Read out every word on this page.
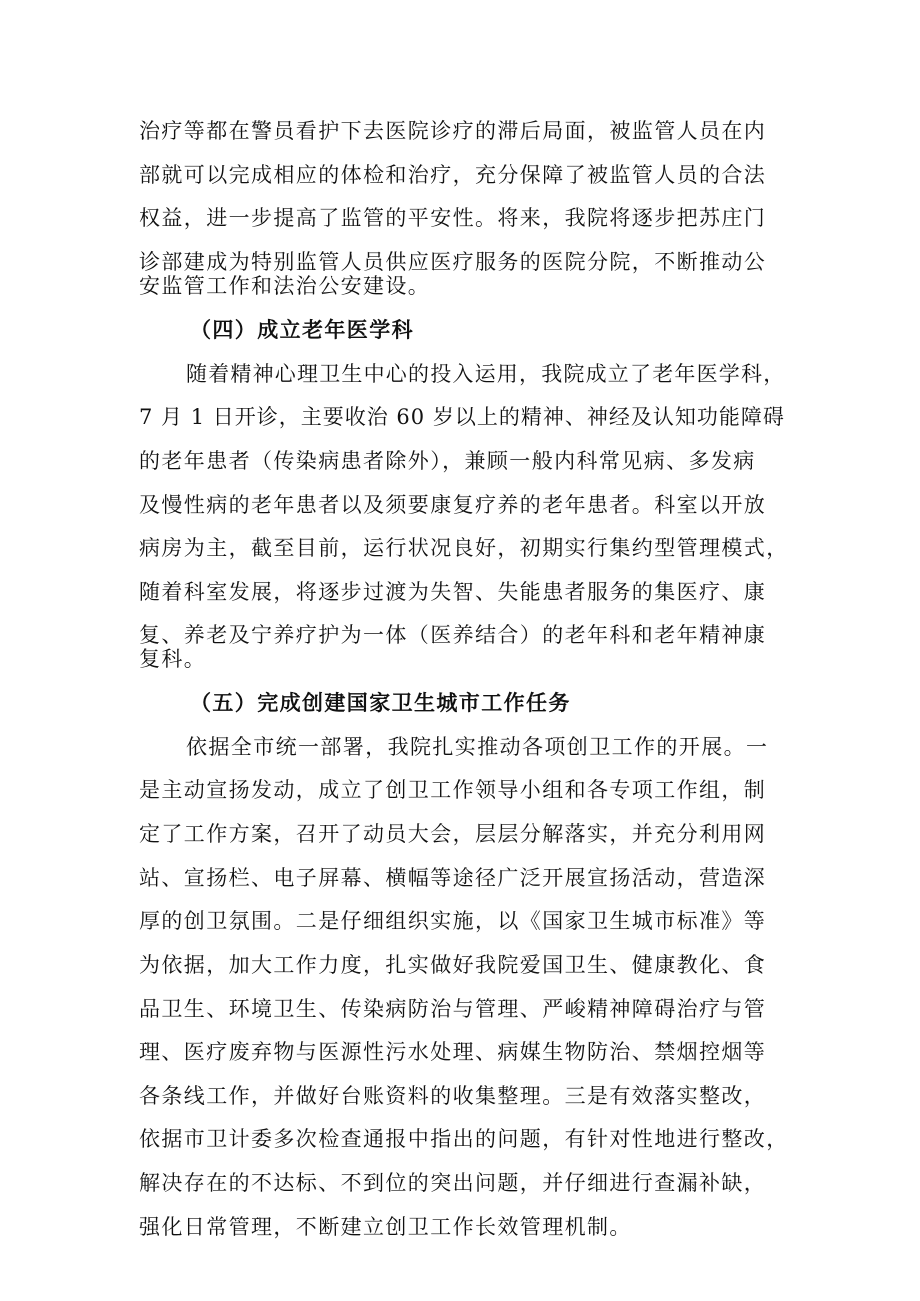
治疗等都在警员看护下去医院诊疗的滞后局面，被监管人员在内
部就可以完成相应的体检和治疗，充分保障了被监管人员的合法
权益，进一步提高了监管的平安性。将来，我院将逐步把苏庄门
诊部建成为特别监管人员供应医疗服务的医院分院，不断推动公
安监管工作和法治公安建设。
（四）成立老年医学科
随着精神心理卫生中心的投入运用，我院成立了老年医学科，
7 月 1 日开诊，主要收治 60 岁以上的精神、神经及认知功能障碍
的老年患者（传染病患者除外），兼顾一般内科常见病、多发病
及慢性病的老年患者以及须要康复疗养的老年患者。科室以开放
病房为主，截至目前，运行状况良好，初期实行集约型管理模式，
随着科室发展，将逐步过渡为失智、失能患者服务的集医疗、康
复、养老及宁养疗护为一体（医养结合）的老年科和老年精神康
复科。
（五）完成创建国家卫生城市工作任务
依据全市统一部署，我院扎实推动各项创卫工作的开展。一
是主动宣扬发动，成立了创卫工作领导小组和各专项工作组，制
定了工作方案，召开了动员大会，层层分解落实，并充分利用网
站、宣扬栏、电子屏幕、横幅等途径广泛开展宣扬活动，营造深
厚的创卫氛围。二是仔细组织实施，以《国家卫生城市标准》等
为依据，加大工作力度，扎实做好我院爱国卫生、健康教化、食
品卫生、环境卫生、传染病防治与管理、严峻精神障碍治疗与管
理、医疗废弃物与医源性污水处理、病媒生物防治、禁烟控烟等
各条线工作，并做好台账资料的收集整理。三是有效落实整改，
依据市卫计委多次检查通报中指出的问题，有针对性地进行整改，
解决存在的不达标、不到位的突出问题，并仔细进行查漏补缺，
强化日常管理，不断建立创卫工作长效管理机制。
